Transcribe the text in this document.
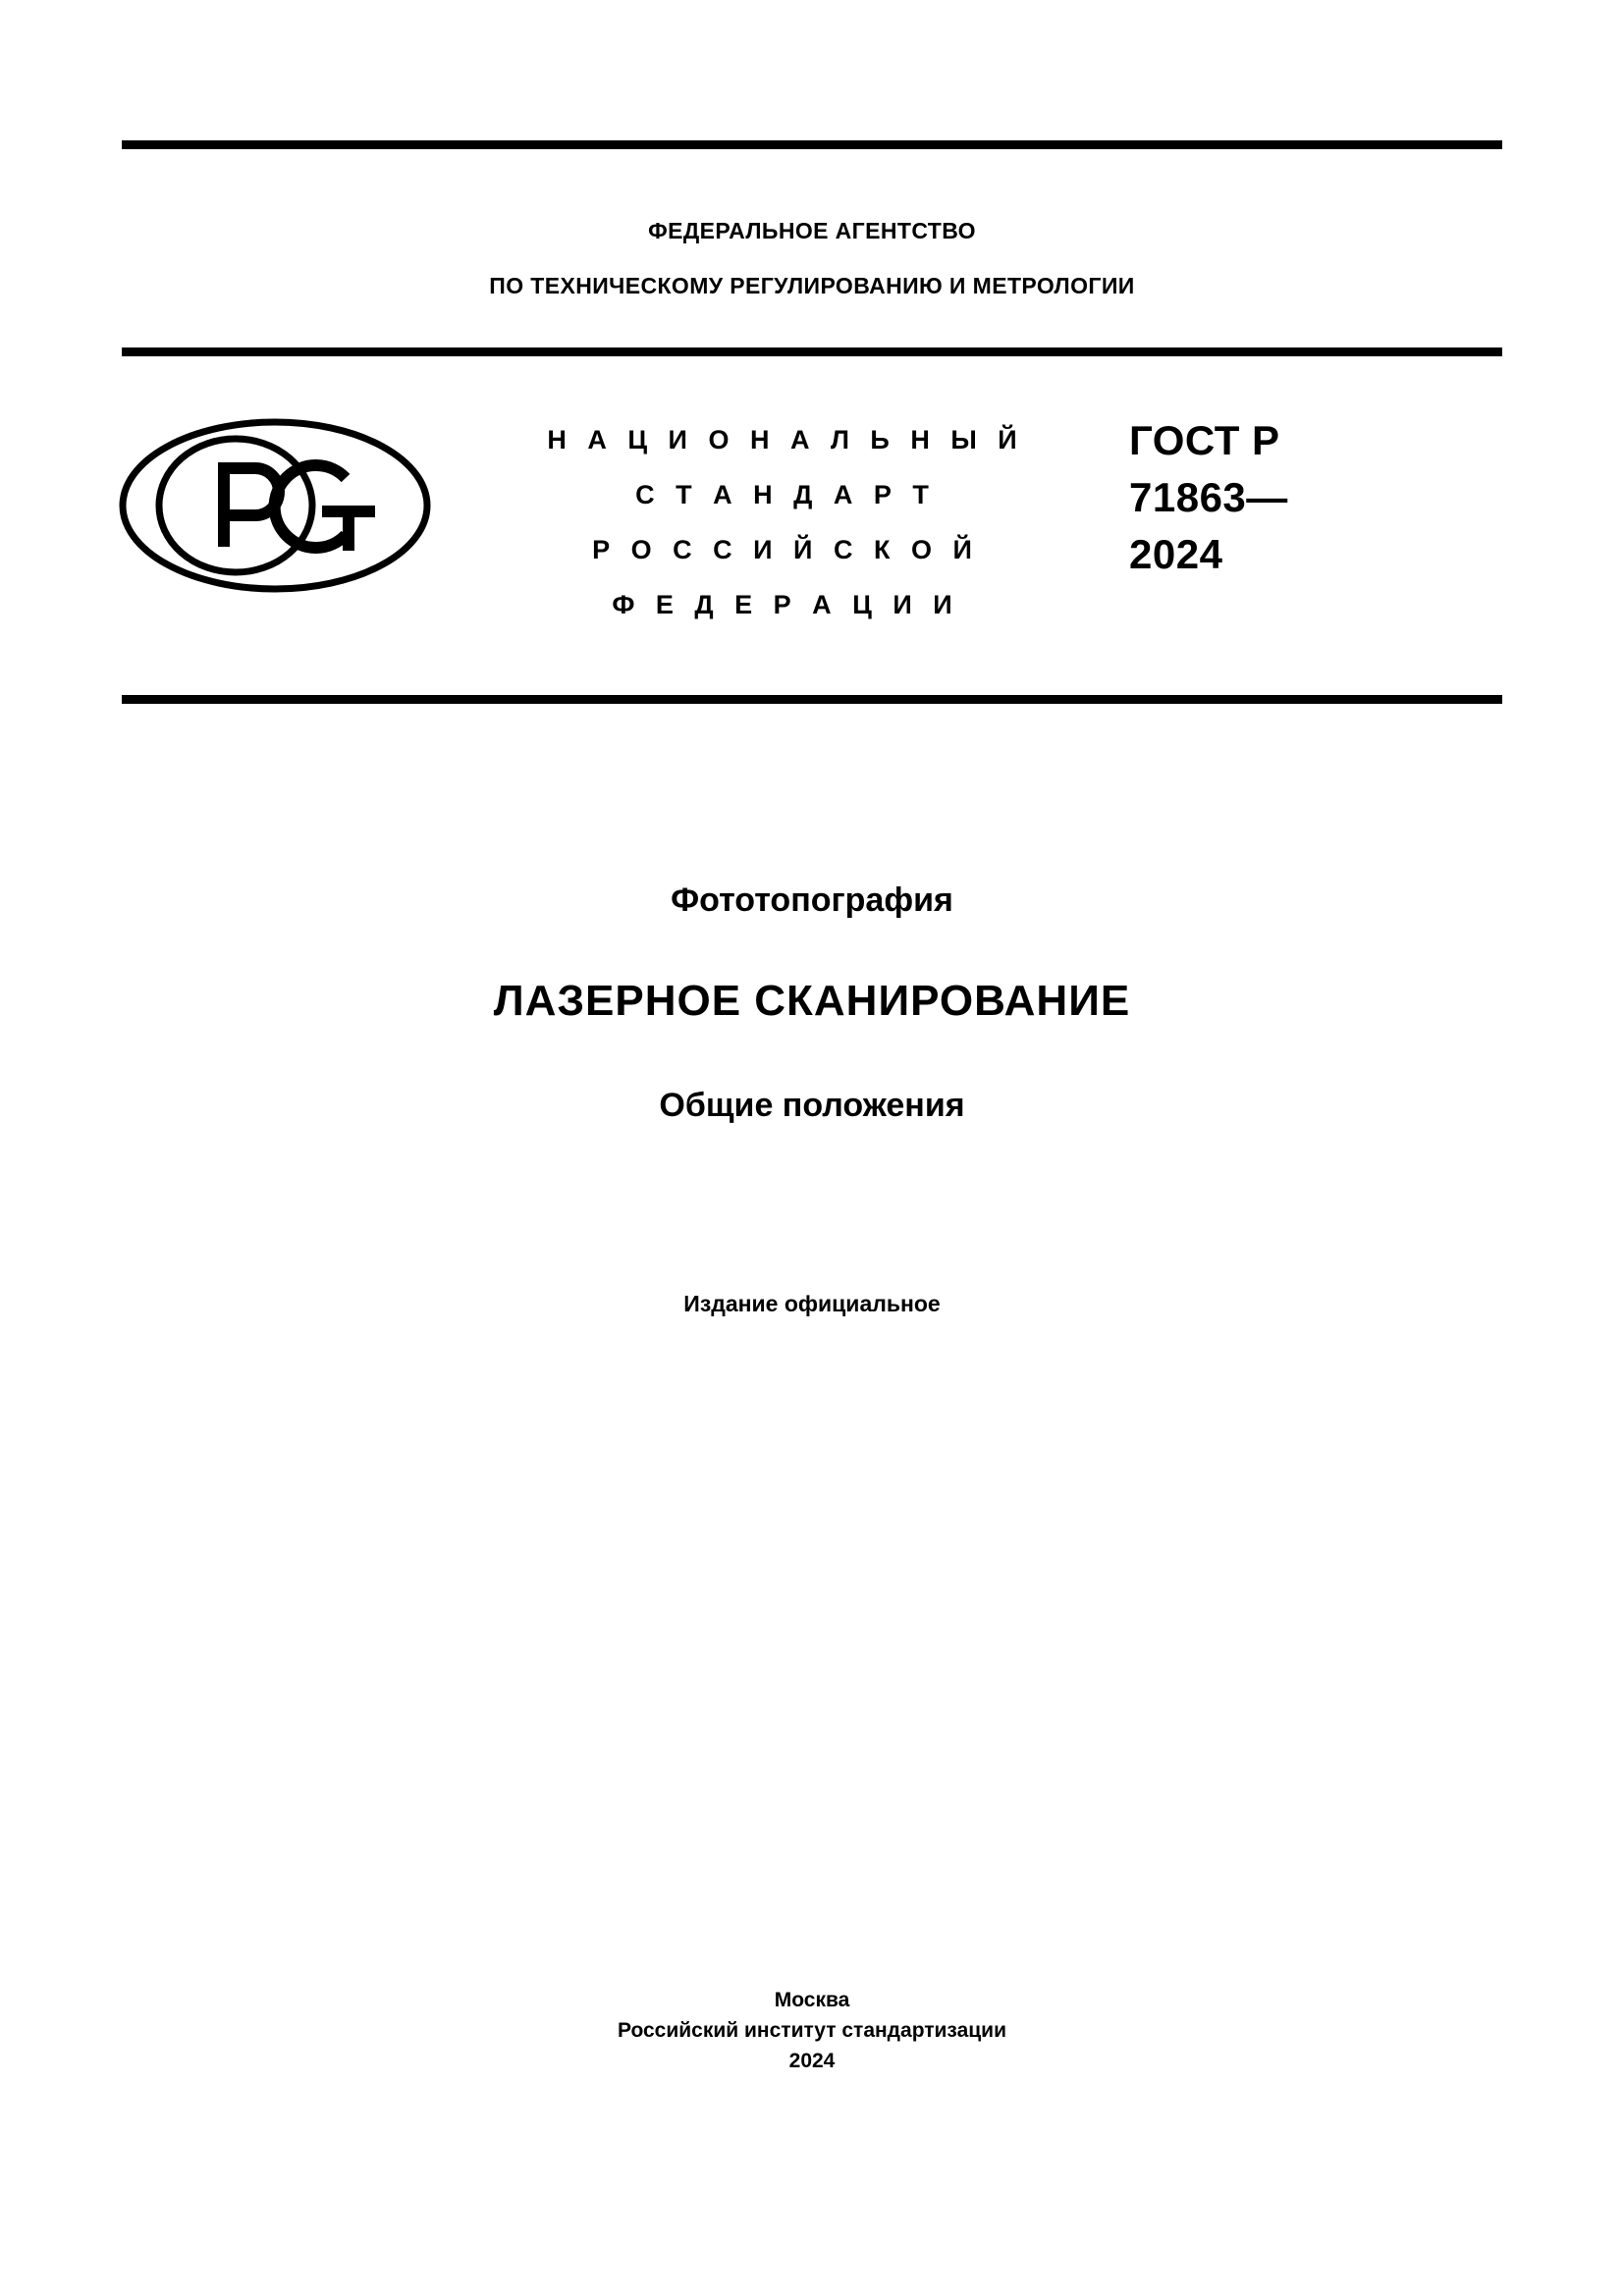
ФЕДЕРАЛЬНОЕ АГЕНТСТВО
ПО ТЕХНИЧЕСКОМУ РЕГУЛИРОВАНИЮ И МЕТРОЛОГИИ
Н А Ц И О Н А Л Ь Н Ы Й
С Т А Н Д А Р Т
Р О С С И Й С К О Й
Ф Е Д Е Р А Ц И И
ГОСТ Р
71863—
2024
Фототопография
ЛАЗЕРНОЕ СКАНИРОВАНИЕ
Общие положения
Издание официальное
Москва
Российский институт стандартизации
2024
